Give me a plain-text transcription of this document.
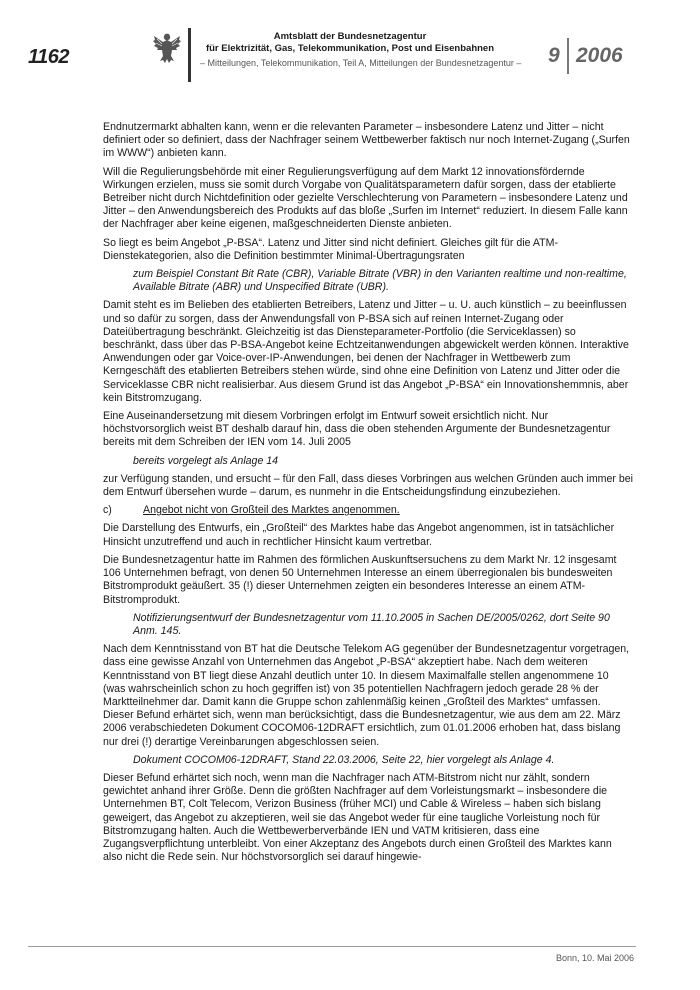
1162
Amtsblatt der Bundesnetzagentur
für Elektrizität, Gas, Telekommunikation, Post und Eisenbahnen
– Mitteilungen, Telekommunikation, Teil A, Mitteilungen der Bundesnetzagentur –	9 2006

Endnutzermarkt abhalten kann, wenn er die relevanten Parameter – insbesondere Latenz und Jitter – nicht definiert oder so definiert, dass der Nachfrager seinem Wettbewerber faktisch nur noch Internet-Zugang („Surfen im WWW“) anbieten kann.

Will die Regulierungsbehörde mit einer Regulierungsverfügung auf dem Markt 12 innovationsfördernde Wirkungen erzielen, muss sie somit durch Vorgabe von Qualitätsparametern dafür sorgen, dass der etablierte Betreiber nicht durch Nichtdefinition oder gezielte Verschlechterung von Parametern – insbesondere Latenz und Jitter – den Anwendungsbereich des Produkts auf das bloße „Surfen im Internet“ reduziert. In diesem Falle kann der Nachfrager aber keine eigenen, maßgeschneiderten Dienste anbieten.

So liegt es beim Angebot „P-BSA“. Latenz und Jitter sind nicht definiert. Gleiches gilt für die ATM-Dienstekategorien, also die Definition bestimmter Minimal-Übertragungsraten

zum Beispiel Constant Bit Rate (CBR), Variable Bitrate (VBR) in den Varianten realtime und non-realtime, Available Bitrate (ABR) und Unspecified Bitrate (UBR).

Damit steht es im Belieben des etablierten Betreibers, Latenz und Jitter – u. U. auch künstlich – zu beeinflussen und so dafür zu sorgen, dass der Anwendungsfall von P-BSA sich auf reinen Internet-Zugang oder Dateiübertragung beschränkt. Gleichzeitig ist das Diensteparameter-Portfolio (die Serviceklassen) so beschränkt, dass über das P-BSA-Angebot keine Echtzeitanwendungen abgewickelt werden können. Interaktive Anwendungen oder gar Voice-over-IP-Anwendungen, bei denen der Nachfrager in Wettbewerb zum Kerngeschäft des etablierten Betreibers stehen würde, sind ohne eine Definition von Latenz und Jitter oder die Serviceklasse CBR nicht realisierbar. Aus diesem Grund ist das Angebot „P-BSA“ ein Innovationshemmnis, aber kein Bitstromzugang.

Eine Auseinandersetzung mit diesem Vorbringen erfolgt im Entwurf soweit ersichtlich nicht. Nur höchstvorsorglich weist BT deshalb darauf hin, dass die oben stehenden Argumente der Bundesnetzagentur bereits mit dem Schreiben der IEN vom 14. Juli 2005

bereits vorgelegt als Anlage 14

zur Verfügung standen, und ersucht – für den Fall, dass dieses Vorbringen aus welchen Gründen auch immer bei dem Entwurf übersehen wurde – darum, es nunmehr in die Entscheidungsfindung einzubeziehen.

c)	Angebot nicht von Großteil des Marktes angenommen.

Die Darstellung des Entwurfs, ein „Großteil“ des Marktes habe das Angebot angenommen, ist in tatsächlicher Hinsicht unzutreffend und auch in rechtlicher Hinsicht kaum vertretbar.

Die Bundesnetzagentur hatte im Rahmen des förmlichen Auskunftsersuchens zu dem Markt Nr. 12 insgesamt 106 Unternehmen befragt, von denen 50 Unternehmen Interesse an einem überregionalen bis bundesweiten Bitstromprodukt geäußert. 35 (!) dieser Unternehmen zeigten ein besonderes Interesse an einem ATM-Bitstromprodukt.

Notifizierungsentwurf der Bundesnetzagentur vom 11.10.2005 in Sachen DE/2005/0262, dort Seite 90 Anm. 145.

Nach dem Kenntnisstand von BT hat die Deutsche Telekom AG gegenüber der Bundesnetzagentur vorgetragen, dass eine gewisse Anzahl von Unternehmen das Angebot „P-BSA“ akzeptiert habe. Nach dem weiteren Kenntnisstand von BT liegt diese Anzahl deutlich unter 10. In diesem Maximalfalle stellen angenommene 10 (was wahrscheinlich schon zu hoch gegriffen ist) von 35 potentiellen Nachfragern jedoch gerade 28 % der Marktteilnehmer dar. Damit kann die Gruppe schon zahlenmäßig keinen „Großteil des Marktes“ umfassen. Dieser Befund erhärtet sich, wenn man berücksichtigt, dass die Bundesnetzagentur, wie aus dem am 22. März 2006 verabschiedeten Dokument COCOM06-12DRAFT ersichtlich, zum 01.01.2006 erhoben hat, dass bislang nur drei (!) derartige Vereinbarungen abgeschlossen seien.

Dokument COCOM06-12DRAFT, Stand 22.03.2006, Seite 22, hier vorgelegt als Anlage 4.

Dieser Befund erhärtet sich noch, wenn man die Nachfrager nach ATM-Bitstrom nicht nur zählt, sondern gewichtet anhand ihrer Größe. Denn die größten Nachfrager auf dem Vorleistungsmarkt – insbesondere die Unternehmen BT, Colt Telecom, Verizon Business (früher MCI) und Cable & Wireless – haben sich bislang geweigert, das Angebot zu akzeptieren, weil sie das Angebot weder für eine taugliche Vorleistung noch für Bitstromzugang halten. Auch die Wettbewerberverbände IEN und VATM kritisieren, dass eine Zugangsverpflichtung unterbleibt. Von einer Akzeptanz des Angebots durch einen Großteil des Marktes kann also nicht die Rede sein. Nur höchstvorsorglich sei darauf hingewie-

Bonn, 10. Mai 2006
